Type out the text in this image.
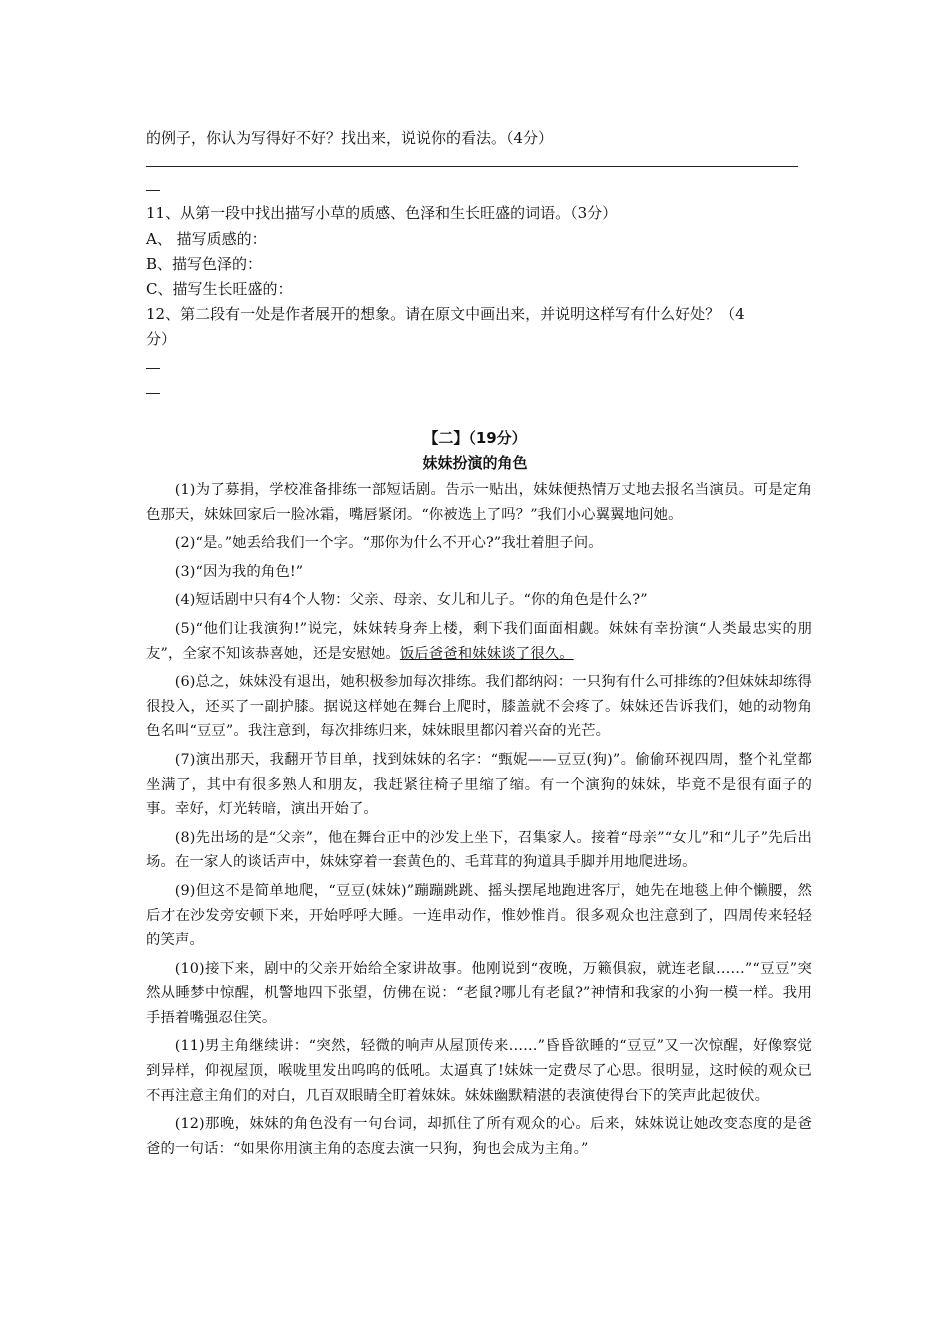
的例子，你认为写得好不好？找出来，说说你的看法。（4分）
11、从第一段中找出描写小草的质感、色泽和生长旺盛的词语。（3分）
A、 描写质感的：
B、描写色泽的：
C、描写生长旺盛的：
12、第二段有一处是作者展开的想象。请在原文中画出来，并说明这样写有什么好处？（4
分）
【二】（19分）
妹妹扮演的角色

(1)为了募捐，学校准备排练一部短话剧。告示一贴出，妹妹便热情万丈地去报名当演员。可是定角色那天，妹妹回家后一脸冰霜，嘴唇紧闭。“你被选上了吗？”我们小心翼翼地问她。

(2)“是。”她丢给我们一个字。“那你为什么不开心?”我壮着胆子问。

(3)“因为我的角色!”

(4)短话剧中只有4个人物：父亲、母亲、女儿和儿子。“你的角色是什么?”

(5)“他们让我演狗!”说完，妹妹转身奔上楼，剩下我们面面相觑。妹妹有幸扮演“人类最忠实的朋友”，全家不知该恭喜她，还是安慰她。饭后爸爸和妹妹谈了很久。

(6)总之，妹妹没有退出，她积极参加每次排练。我们都纳闷：一只狗有什么可排练的?但妹妹却练得很投入，还买了一副护膝。据说这样她在舞台上爬时，膝盖就不会疼了。妹妹还告诉我们，她的动物角色名叫“豆豆”。我注意到，每次排练归来，妹妹眼里都闪着兴奋的光芒。

(7)演出那天，我翻开节目单，找到妹妹的名字：“甄妮——豆豆(狗)”。偷偷环视四周，整个礼堂都坐满了，其中有很多熟人和朋友，我赶紧往椅子里缩了缩。有一个演狗的妹妹，毕竟不是很有面子的事。幸好，灯光转暗，演出开始了。

(8)先出场的是“父亲”，他在舞台正中的沙发上坐下，召集家人。接着“母亲”“女儿”和“儿子”先后出场。在一家人的谈话声中，妹妹穿着一套黄色的、毛茸茸的狗道具手脚并用地爬进场。

(9)但这不是简单地爬，“豆豆(妹妹)”蹦蹦跳跳、摇头摆尾地跑进客厅，她先在地毯上伸个懒腰，然后才在沙发旁安顿下来，开始呼呼大睡。一连串动作，惟妙惟肖。很多观众也注意到了，四周传来轻轻的笑声。

(10)接下来，剧中的父亲开始给全家讲故事。他刚说到“夜晚，万籁俱寂，就连老鼠……”“豆豆”突然从睡梦中惊醒，机警地四下张望，仿佛在说：“老鼠?哪儿有老鼠?”神情和我家的小狗一模一样。我用手捂着嘴强忍住笑。

(11)男主角继续讲：“突然，轻微的响声从屋顶传来……”昏昏欲睡的“豆豆”又一次惊醒，好像察觉到异样，仰视屋顶，喉咙里发出呜呜的低吼。太逼真了!妹妹一定费尽了心思。很明显，这时候的观众已不再注意主角们的对白，几百双眼睛全盯着妹妹。妹妹幽默精湛的表演使得台下的笑声此起彼伏。

(12)那晚，妹妹的角色没有一句台词，却抓住了所有观众的心。后来，妹妹说让她改变态度的是爸爸的一句话：“如果你用演主角的态度去演一只狗，狗也会成为主角。”
